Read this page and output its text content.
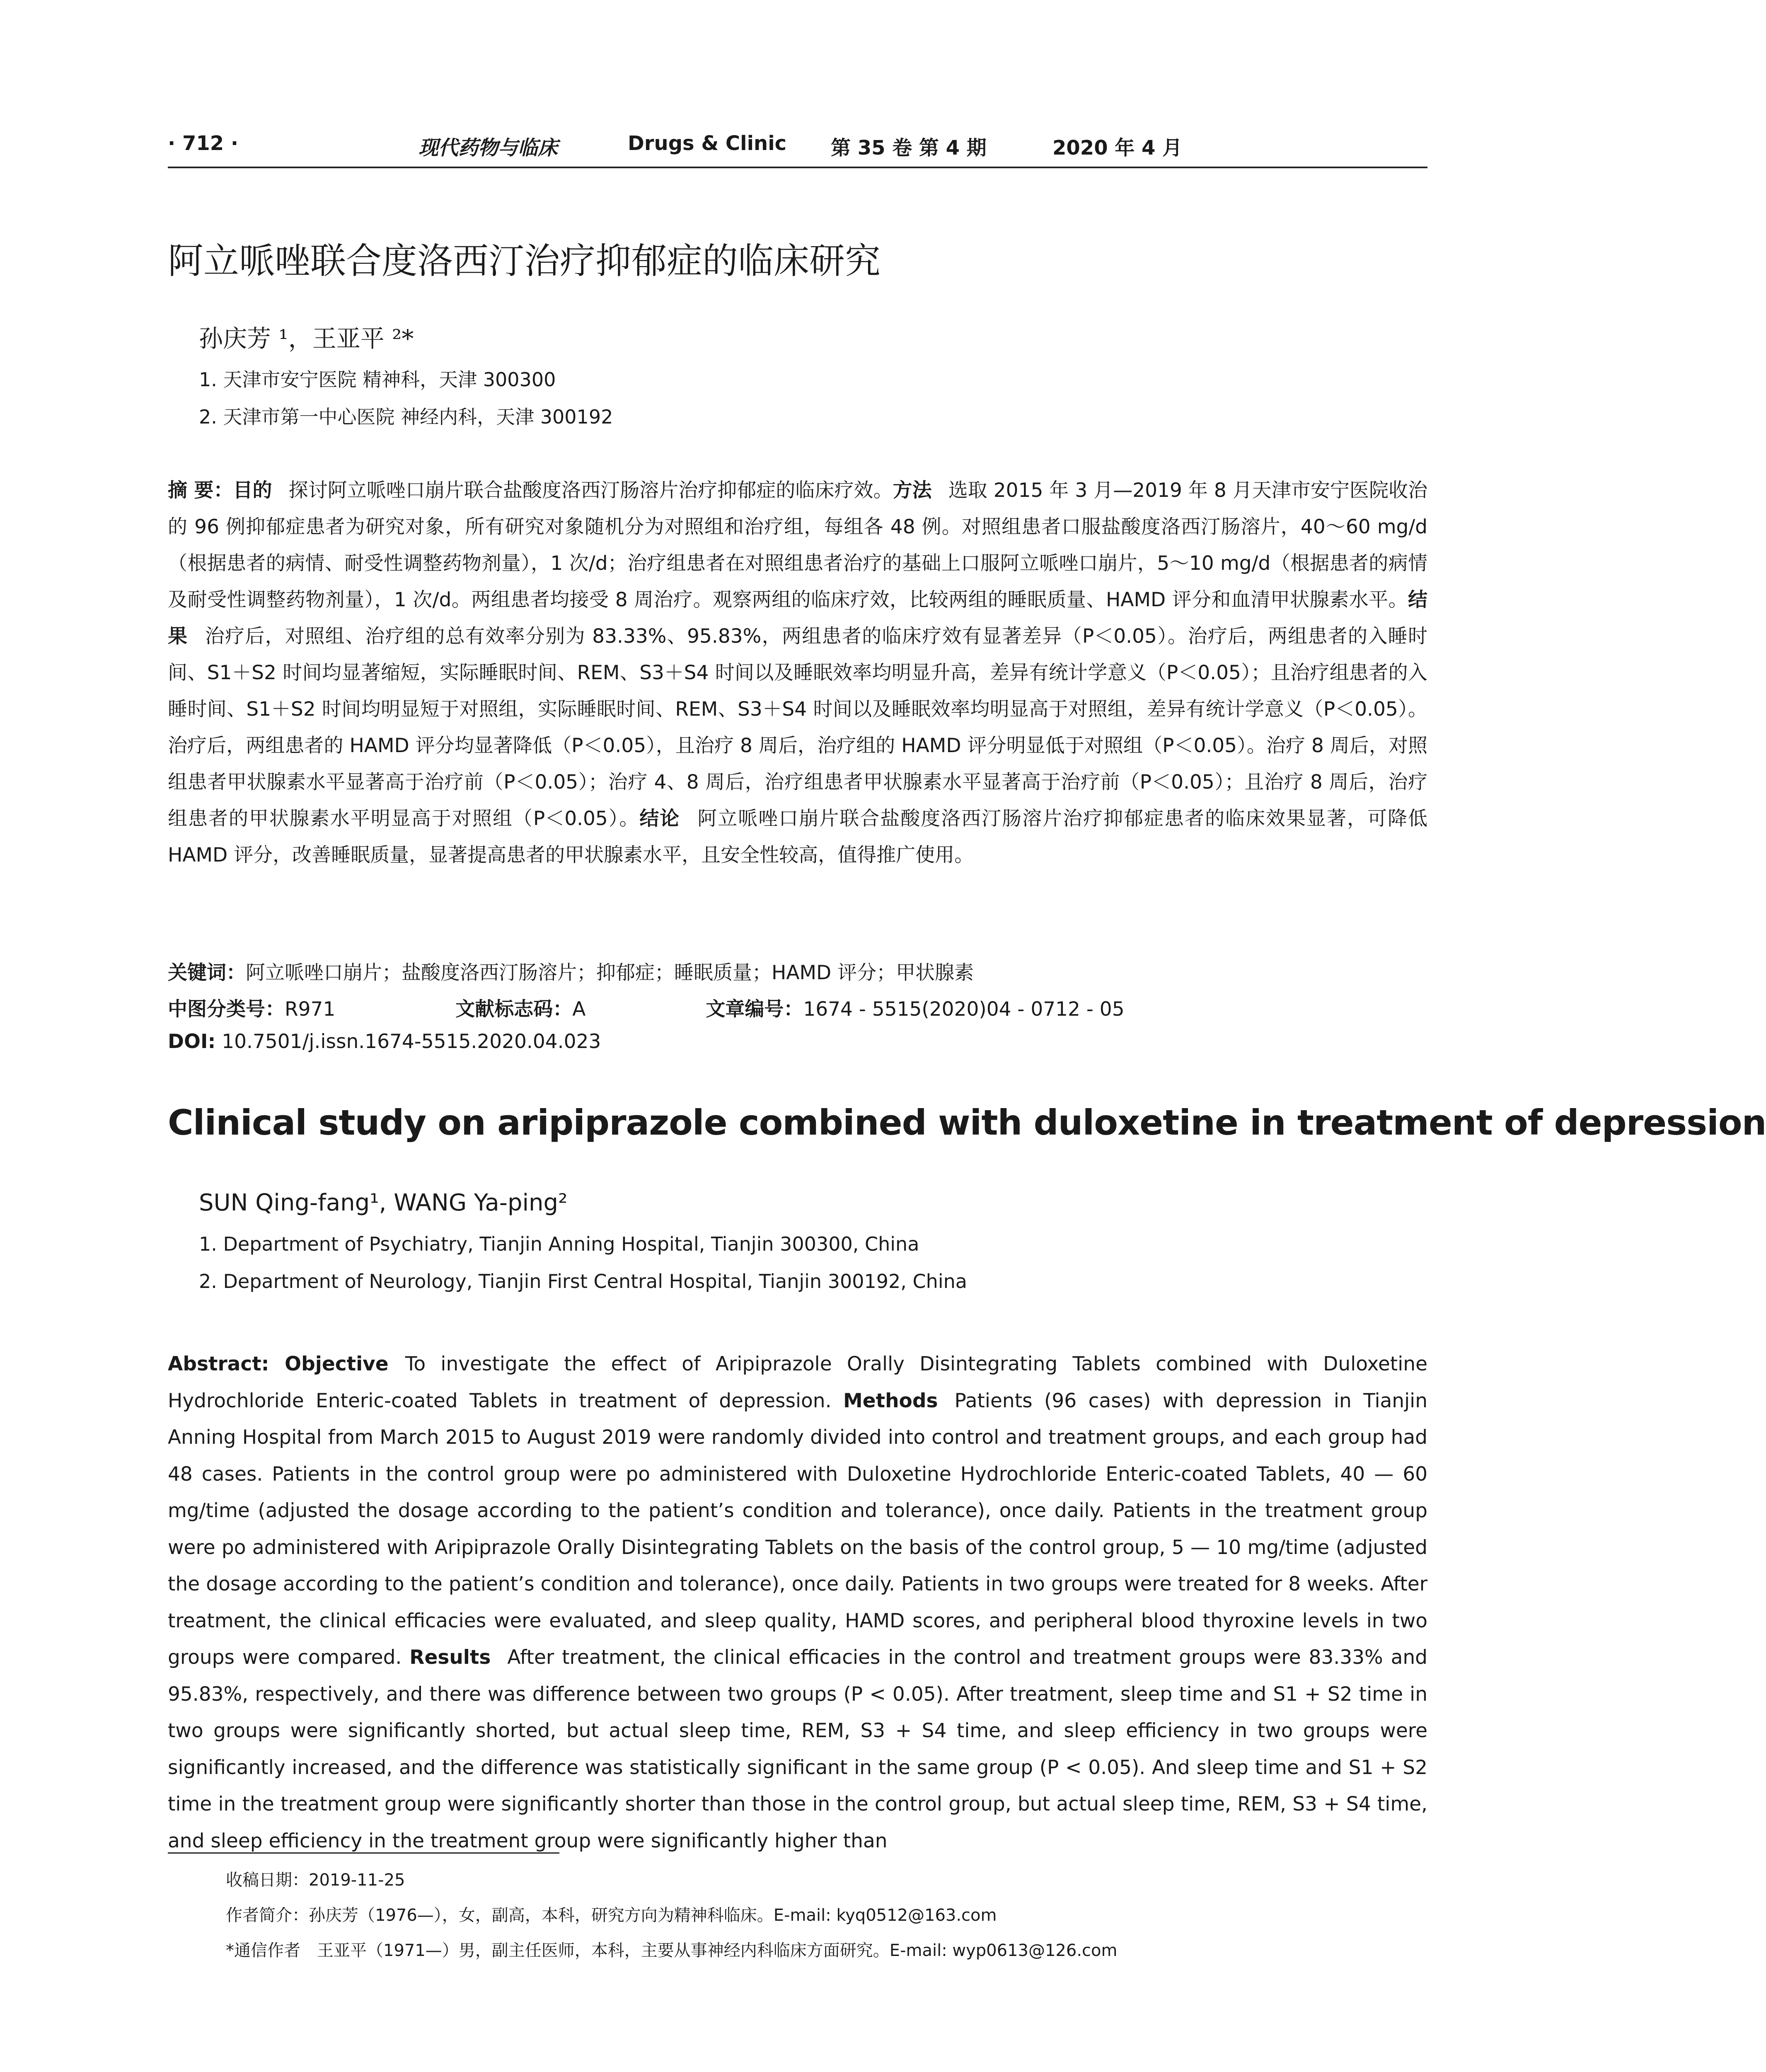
· 712 ·	现代药物与临床	Drugs & Clinic 第 35 卷 第 4 期	2020 年 4 月
阿立哌唑联合度洛西汀治疗抑郁症的临床研究
孙庆芳 ¹，王亚平 ²*
1. 天津市安宁医院 精神科，天津 300300
2. 天津市第一中心医院 神经内科，天津 300192
摘 要：目的 探讨阿立哌唑口崩片联合盐酸度洛西汀肠溶片治疗抑郁症的临床疗效。方法 选取 2015 年 3 月—2019 年 8 月天津市安宁医院收治的 96 例抑郁症患者为研究对象，所有研究对象随机分为对照组和治疗组，每组各 48 例。对照组患者口服盐酸度洛西汀肠溶片，40～60 mg/d（根据患者的病情、耐受性调整药物剂量），1 次/d；治疗组患者在对照组患者治疗的基础上口服阿立哌唑口崩片，5～10 mg/d（根据患者的病情及耐受性调整药物剂量），1 次/d。两组患者均接受 8 周治疗。观察两组的临床疗效，比较两组的睡眠质量、HAMD 评分和血清甲状腺素水平。结果 治疗后，对照组、治疗组的总有效率分别为 83.33%、95.83%，两组患者的临床疗效有显著差异（P＜0.05）。治疗后，两组患者的入睡时间、S1＋S2 时间均显著缩短，实际睡眠时间、REM、S3＋S4 时间以及睡眠效率均明显升高，差异有统计学意义（P＜0.05）；且治疗组患者的入睡时间、S1＋S2 时间均明显短于对照组，实际睡眠时间、REM、S3＋S4 时间以及睡眠效率均明显高于对照组，差异有统计学意义（P＜0.05）。治疗后，两组患者的 HAMD 评分均显著降低（P＜0.05），且治疗 8 周后，治疗组的 HAMD 评分明显低于对照组（P＜0.05）。治疗 8 周后，对照组患者甲状腺素水平显著高于治疗前（P＜0.05）；治疗 4、8 周后，治疗组患者甲状腺素水平显著高于治疗前（P＜0.05）；且治疗 8 周后，治疗组患者的甲状腺素水平明显高于对照组（P＜0.05）。结论 阿立哌唑口崩片联合盐酸度洛西汀肠溶片治疗抑郁症患者的临床效果显著，可降低 HAMD 评分，改善睡眠质量，显著提高患者的甲状腺素水平，且安全性较高，值得推广使用。
关键词：阿立哌唑口崩片；盐酸度洛西汀肠溶片；抑郁症；睡眠质量；HAMD 评分；甲状腺素
中图分类号：R971	文献标志码：A	文章编号：1674 - 5515(2020)04 - 0712 - 05
DOI: 10.7501/j.issn.1674-5515.2020.04.023
Clinical study on aripiprazole combined with duloxetine in treatment of depression
SUN Qing-fang¹, WANG Ya-ping²
1. Department of Psychiatry, Tianjin Anning Hospital, Tianjin 300300, China
2. Department of Neurology, Tianjin First Central Hospital, Tianjin 300192, China
Abstract: Objective To investigate the effect of Aripiprazole Orally Disintegrating Tablets combined with Duloxetine Hydrochloride Enteric-coated Tablets in treatment of depression. Methods Patients (96 cases) with depression in Tianjin Anning Hospital from March 2015 to August 2019 were randomly divided into control and treatment groups, and each group had 48 cases. Patients in the control group were po administered with Duloxetine Hydrochloride Enteric-coated Tablets, 40 — 60 mg/time (adjusted the dosage according to the patient’s condition and tolerance), once daily. Patients in the treatment group were po administered with Aripiprazole Orally Disintegrating Tablets on the basis of the control group, 5 — 10 mg/time (adjusted the dosage according to the patient’s condition and tolerance), once daily. Patients in two groups were treated for 8 weeks. After treatment, the clinical efficacies were evaluated, and sleep quality, HAMD scores, and peripheral blood thyroxine levels in two groups were compared. Results After treatment, the clinical efficacies in the control and treatment groups were 83.33% and 95.83%, respectively, and there was difference between two groups (P < 0.05). After treatment, sleep time and S1 + S2 time in two groups were significantly shorted, but actual sleep time, REM, S3 + S4 time, and sleep efficiency in two groups were significantly increased, and the difference was statistically significant in the same group (P < 0.05). And sleep time and S1 + S2 time in the treatment group were significantly shorter than those in the control group, but actual sleep time, REM, S3 + S4 time, and sleep efficiency in the treatment group were significantly higher than
收稿日期：2019-11-25
作者简介：孙庆芳（1976—），女，副高，本科，研究方向为精神科临床。E-mail: kyq0512@163.com
*通信作者 王亚平（1971—）男，副主任医师，本科，主要从事神经内科临床方面研究。E-mail: wyp0613@126.com
